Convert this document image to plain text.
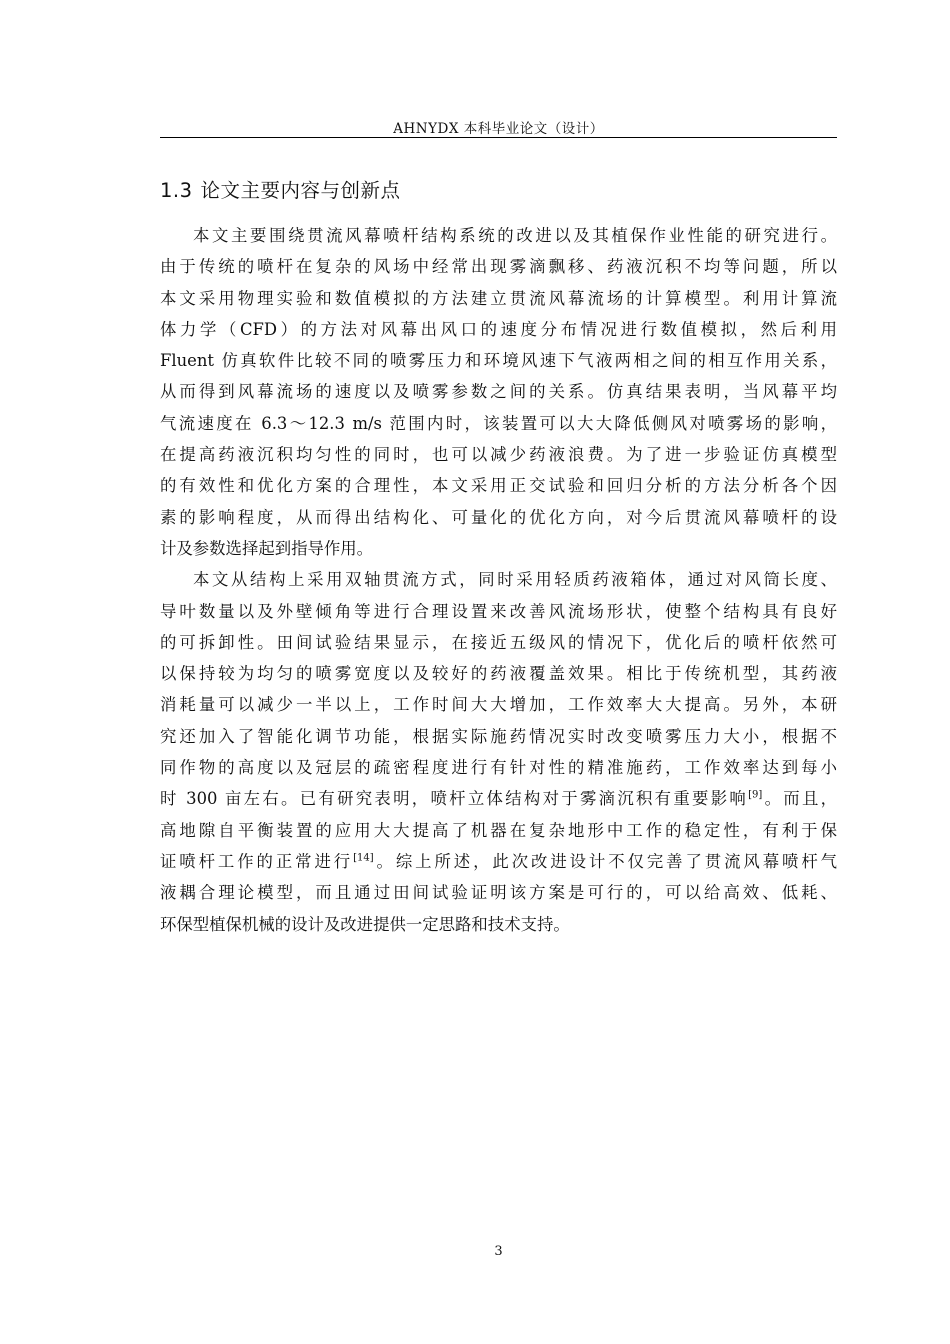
AHNYDX 本科毕业论文（设计）
1.3 论文主要内容与创新点
本文主要围绕贯流风幕喷杆结构系统的改进以及其植保作业性能的研究进行。
由于传统的喷杆在复杂的风场中经常出现雾滴飘移、药液沉积不均等问题，所以
本文采用物理实验和数值模拟的方法建立贯流风幕流场的计算模型。利用计算流
体力学（CFD）的方法对风幕出风口的速度分布情况进行数值模拟，然后利用
Fluent 仿真软件比较不同的喷雾压力和环境风速下气液两相之间的相互作用关系，
从而得到风幕流场的速度以及喷雾参数之间的关系。仿真结果表明，当风幕平均
气流速度在 6.3～12.3 m/s 范围内时，该装置可以大大降低侧风对喷雾场的影响，
在提高药液沉积均匀性的同时，也可以减少药液浪费。为了进一步验证仿真模型
的有效性和优化方案的合理性，本文采用正交试验和回归分析的方法分析各个因
素的影响程度，从而得出结构化、可量化的优化方向，对今后贯流风幕喷杆的设
计及参数选择起到指导作用。
本文从结构上采用双轴贯流方式，同时采用轻质药液箱体，通过对风筒长度、
导叶数量以及外壁倾角等进行合理设置来改善风流场形状，使整个结构具有良好
的可拆卸性。田间试验结果显示，在接近五级风的情况下，优化后的喷杆依然可
以保持较为均匀的喷雾宽度以及较好的药液覆盖效果。相比于传统机型，其药液
消耗量可以减少一半以上，工作时间大大增加，工作效率大大提高。另外，本研
究还加入了智能化调节功能，根据实际施药情况实时改变喷雾压力大小，根据不
同作物的高度以及冠层的疏密程度进行有针对性的精准施药，工作效率达到每小
时 300 亩左右。已有研究表明，喷杆立体结构对于雾滴沉积有重要影响[9]。而且，
高地隙自平衡装置的应用大大提高了机器在复杂地形中工作的稳定性，有利于保
证喷杆工作的正常进行[14]。综上所述，此次改进设计不仅完善了贯流风幕喷杆气
液耦合理论模型，而且通过田间试验证明该方案是可行的，可以给高效、低耗、
环保型植保机械的设计及改进提供一定思路和技术支持。
3
